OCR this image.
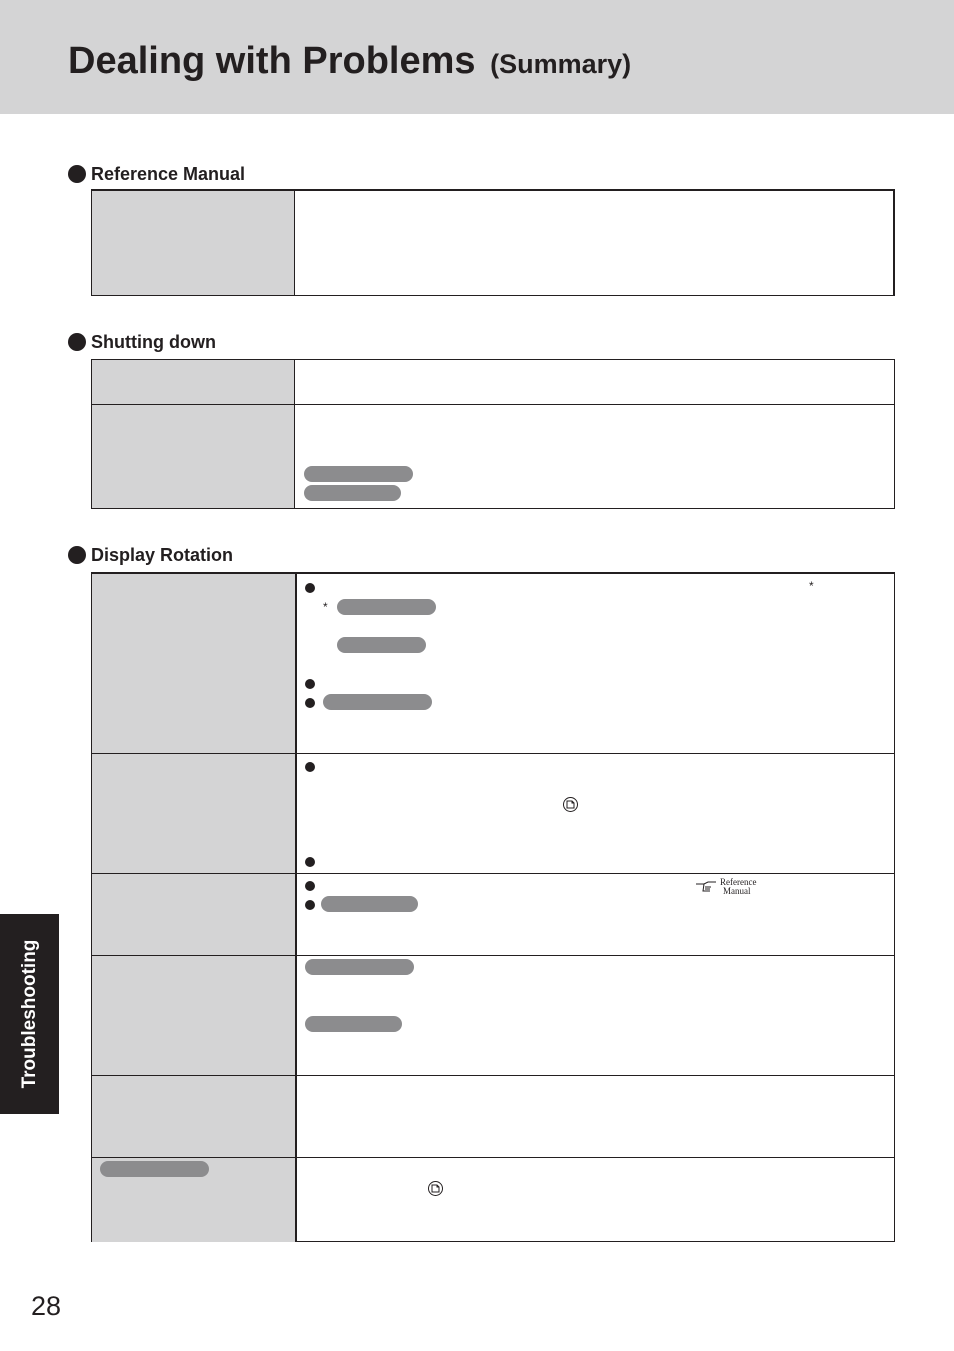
Dealing with Problems (Summary)
Reference Manual
Shutting down
Display Rotation
*
*
Reference
Manual
Troubleshooting
28
